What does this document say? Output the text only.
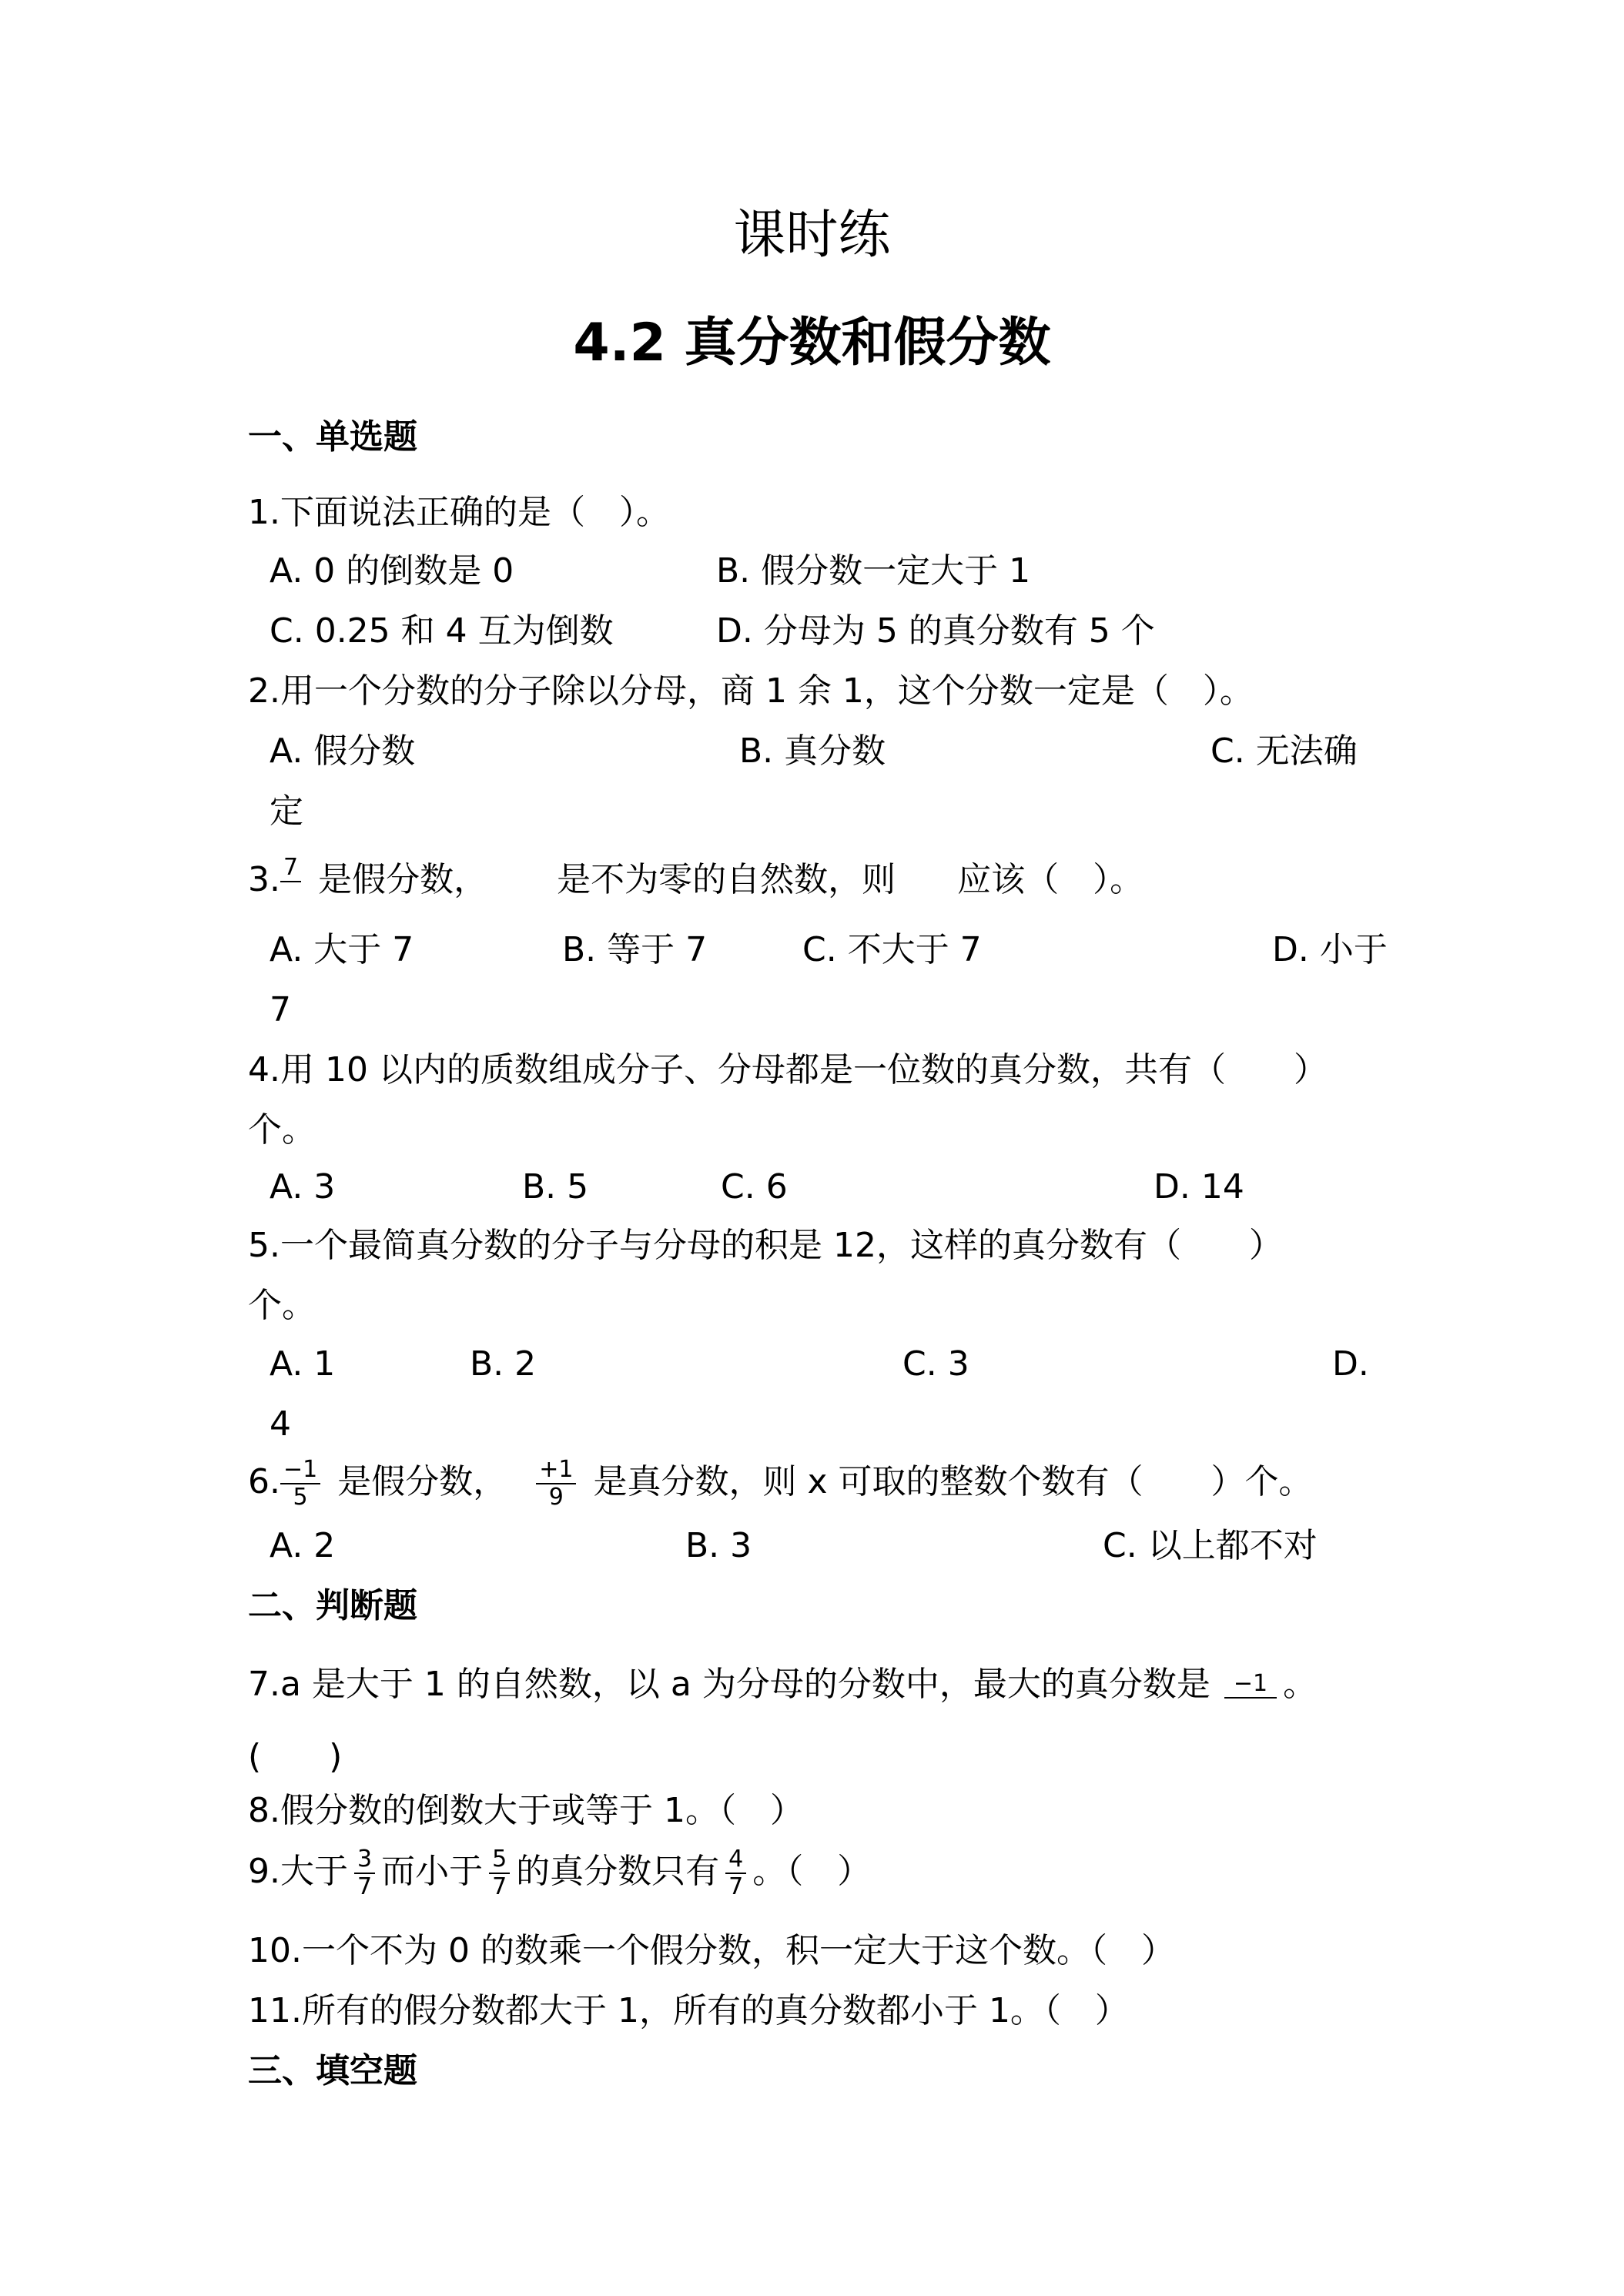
课时练
4.2 真分数和假分数
一、单选题
1.下面说法正确的是（　）。
A. 0 的倒数是 0	B. 假分数一定大于 1
C. 0.25 和 4 互为倒数	D. 分母为 5 的真分数有 5 个
2.用一个分数的分子除以分母，商 1 余 1，这个分数一定是（　）。
A. 假分数	B. 真分数	C. 无法确
定
3. 7 是假分数， 是不为零的自然数，则 应该（　）。
A. 大于 7	B. 等于 7	C. 不大于 7	D. 小于
7
4.用 10 以内的质数组成分子、分母都是一位数的真分数，共有（　　）
个。
A. 3	B. 5	C. 6	D. 14
5.一个最简真分数的分子与分母的积是 12，这样的真分数有（　　）
个。
A. 1	B. 2	C. 3	D.
4
6. $\frac{-1}{5}$ 是假分数， $\frac{+1}{9}$ 是真分数，则 x 可取的整数个数有（　　）个。
A. 2	B. 3	C. 以上都不对
二、判断题
7.a 是大于 1 的自然数，以 a 为分母的分数中，最大的真分数是	−1 。
(　　)
8.假分数的倒数大于或等于 1。（　）
9.大于 $\frac{3}{7}$ 而小于 $\frac{5}{7}$ 的真分数只有 $\frac{4}{7}$ 。（　）
10.一个不为 0 的数乘一个假分数，积一定大于这个数。（　）
11.所有的假分数都大于 1，所有的真分数都小于 1。（　）
三、填空题
